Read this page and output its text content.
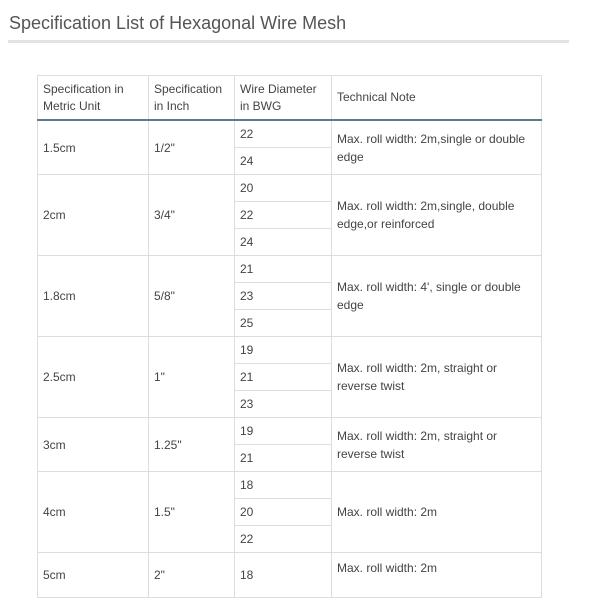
Specification List of Hexagonal Wire Mesh
Specification in Metric Unit	Specification in Inch	Wire Diameter in BWG	Technical Note
1.5cm	1/2"	22	Max. roll width: 2m,single or double edge
		24	
2cm	3/4"	20	Max. roll width: 2m,single, double edge,or reinforced
		22	
		24	
1.8cm	5/8"	21	Max. roll width: 4', single or double edge
		23	
		25	
2.5cm	1"	19	Max. roll width: 2m, straight or reverse twist
		21	
		23	
3cm	1.25"	19	Max. roll width: 2m, straight or reverse twist
		21	
4cm	1.5"	18	Max. roll width: 2m
		20	
		22	
5cm	2"	18	Max. roll width: 2m
